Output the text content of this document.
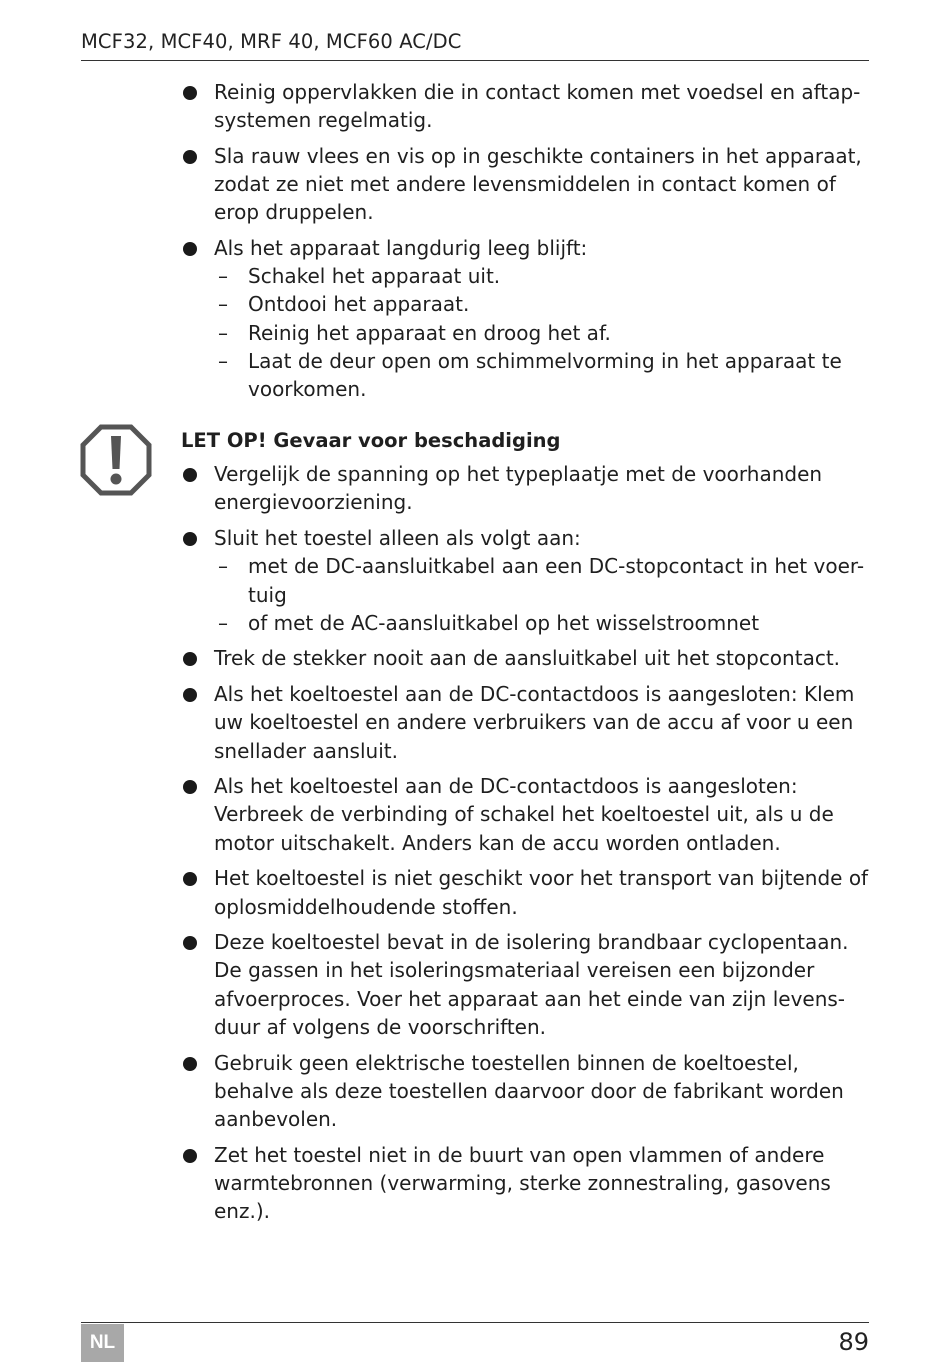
MCF32, MCF40, MRF 40, MCF60 AC/DC
Reinig oppervlakken die in contact komen met voedsel en aftap-
systemen regelmatig.
Sla rauw vlees en vis op in geschikte containers in het apparaat,
zodat ze niet met andere levensmiddelen in contact komen of
erop druppelen.
Als het apparaat langdurig leeg blijft:
– Schakel het apparaat uit.
– Ontdooi het apparaat.
– Reinig het apparaat en droog het af.
– Laat de deur open om schimmelvorming in het apparaat te
voorkomen.
LET OP! Gevaar voor beschadiging
Vergelijk de spanning op het typeplaatje met de voorhanden
energievoorziening.
Sluit het toestel alleen als volgt aan:
– met de DC-aansluitkabel aan een DC-stopcontact in het voer-
tuig
– of met de AC-aansluitkabel op het wisselstroomnet
Trek de stekker nooit aan de aansluitkabel uit het stopcontact.
Als het koeltoestel aan de DC-contactdoos is aangesloten: Klem
uw koeltoestel en andere verbruikers van de accu af voor u een
snellader aansluit.
Als het koeltoestel aan de DC-contactdoos is aangesloten:
Verbreek de verbinding of schakel het koeltoestel uit, als u de
motor uitschakelt. Anders kan de accu worden ontladen.
Het koeltoestel is niet geschikt voor het transport van bijtende of
oplosmiddelhoudende stoffen.
Deze koeltoestel bevat in de isolering brandbaar cyclopentaan.
De gassen in het isoleringsmateriaal vereisen een bijzonder
afvoerproces. Voer het apparaat aan het einde van zijn levens-
duur af volgens de voorschriften.
Gebruik geen elektrische toestellen binnen de koeltoestel,
behalve als deze toestellen daarvoor door de fabrikant worden
aanbevolen.
Zet het toestel niet in de buurt van open vlammen of andere
warmtebronnen (verwarming, sterke zonnestraling, gasovens
enz.).
NL	89
